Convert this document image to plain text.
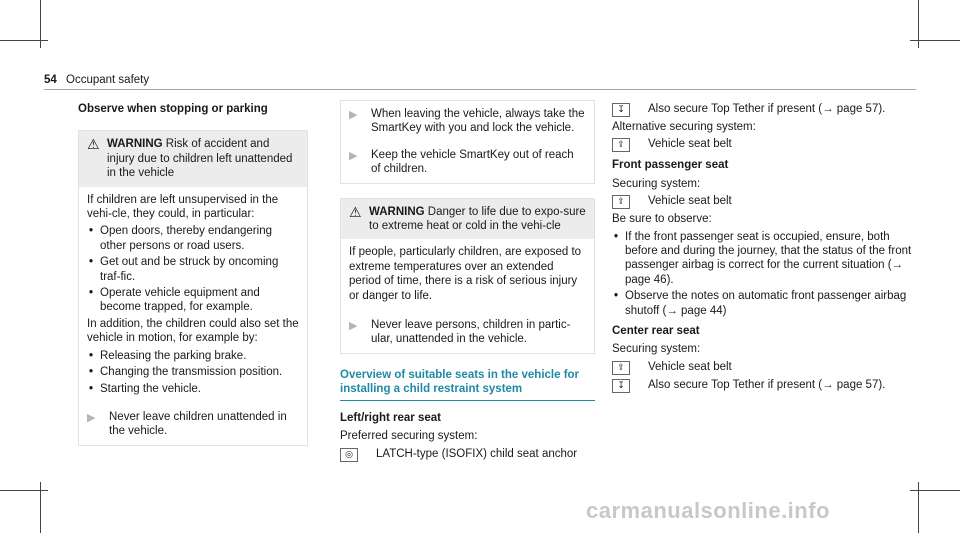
54 Occupant safety
Observe when stopping or parking
⚠ WARNING Risk of accident and injury due to children left unattended in the vehicle
If children are left unsupervised in the vehi-cle, they could, in particular:
• Open doors, thereby endangering other persons or road users.
• Get out and be struck by oncoming traf-fic.
• Operate vehicle equipment and become trapped, for example.
In addition, the children could also set the vehicle in motion, for example by:
• Releasing the parking brake.
• Changing the transmission position.
• Starting the vehicle.
▶	Never leave children unattended in the vehicle.
▶	When leaving the vehicle, always take the SmartKey with you and lock the vehicle.
▶	Keep the vehicle SmartKey out of reach of children.
⚠ WARNING Danger to life due to expo-sure to extreme heat or cold in the vehi-cle
If people, particularly children, are exposed to extreme temperatures over an extended period of time, there is a risk of serious injury or danger to life.
▶	Never leave persons, children in partic-ular, unattended in the vehicle.
Overview of suitable seats in the vehicle for installing a child restraint system
Left/right rear seat
Preferred securing system:
◎	LATCH-type (ISOFIX) child seat anchor
↧	Also secure Top Tether if present (→ page 57).
Alternative securing system:
⇪	Vehicle seat belt
Front passenger seat
Securing system:
⇪	Vehicle seat belt
Be sure to observe:
• If the front passenger seat is occupied, ensure, both before and during the journey, that the status of the front passenger airbag is correct for the current situation (→ page 46).
• Observe the notes on automatic front passenger airbag shutoff (→ page 44)
Center rear seat
Securing system:
⇪	Vehicle seat belt
↧	Also secure Top Tether if present (→ page 57).
carmanualsonline.info
